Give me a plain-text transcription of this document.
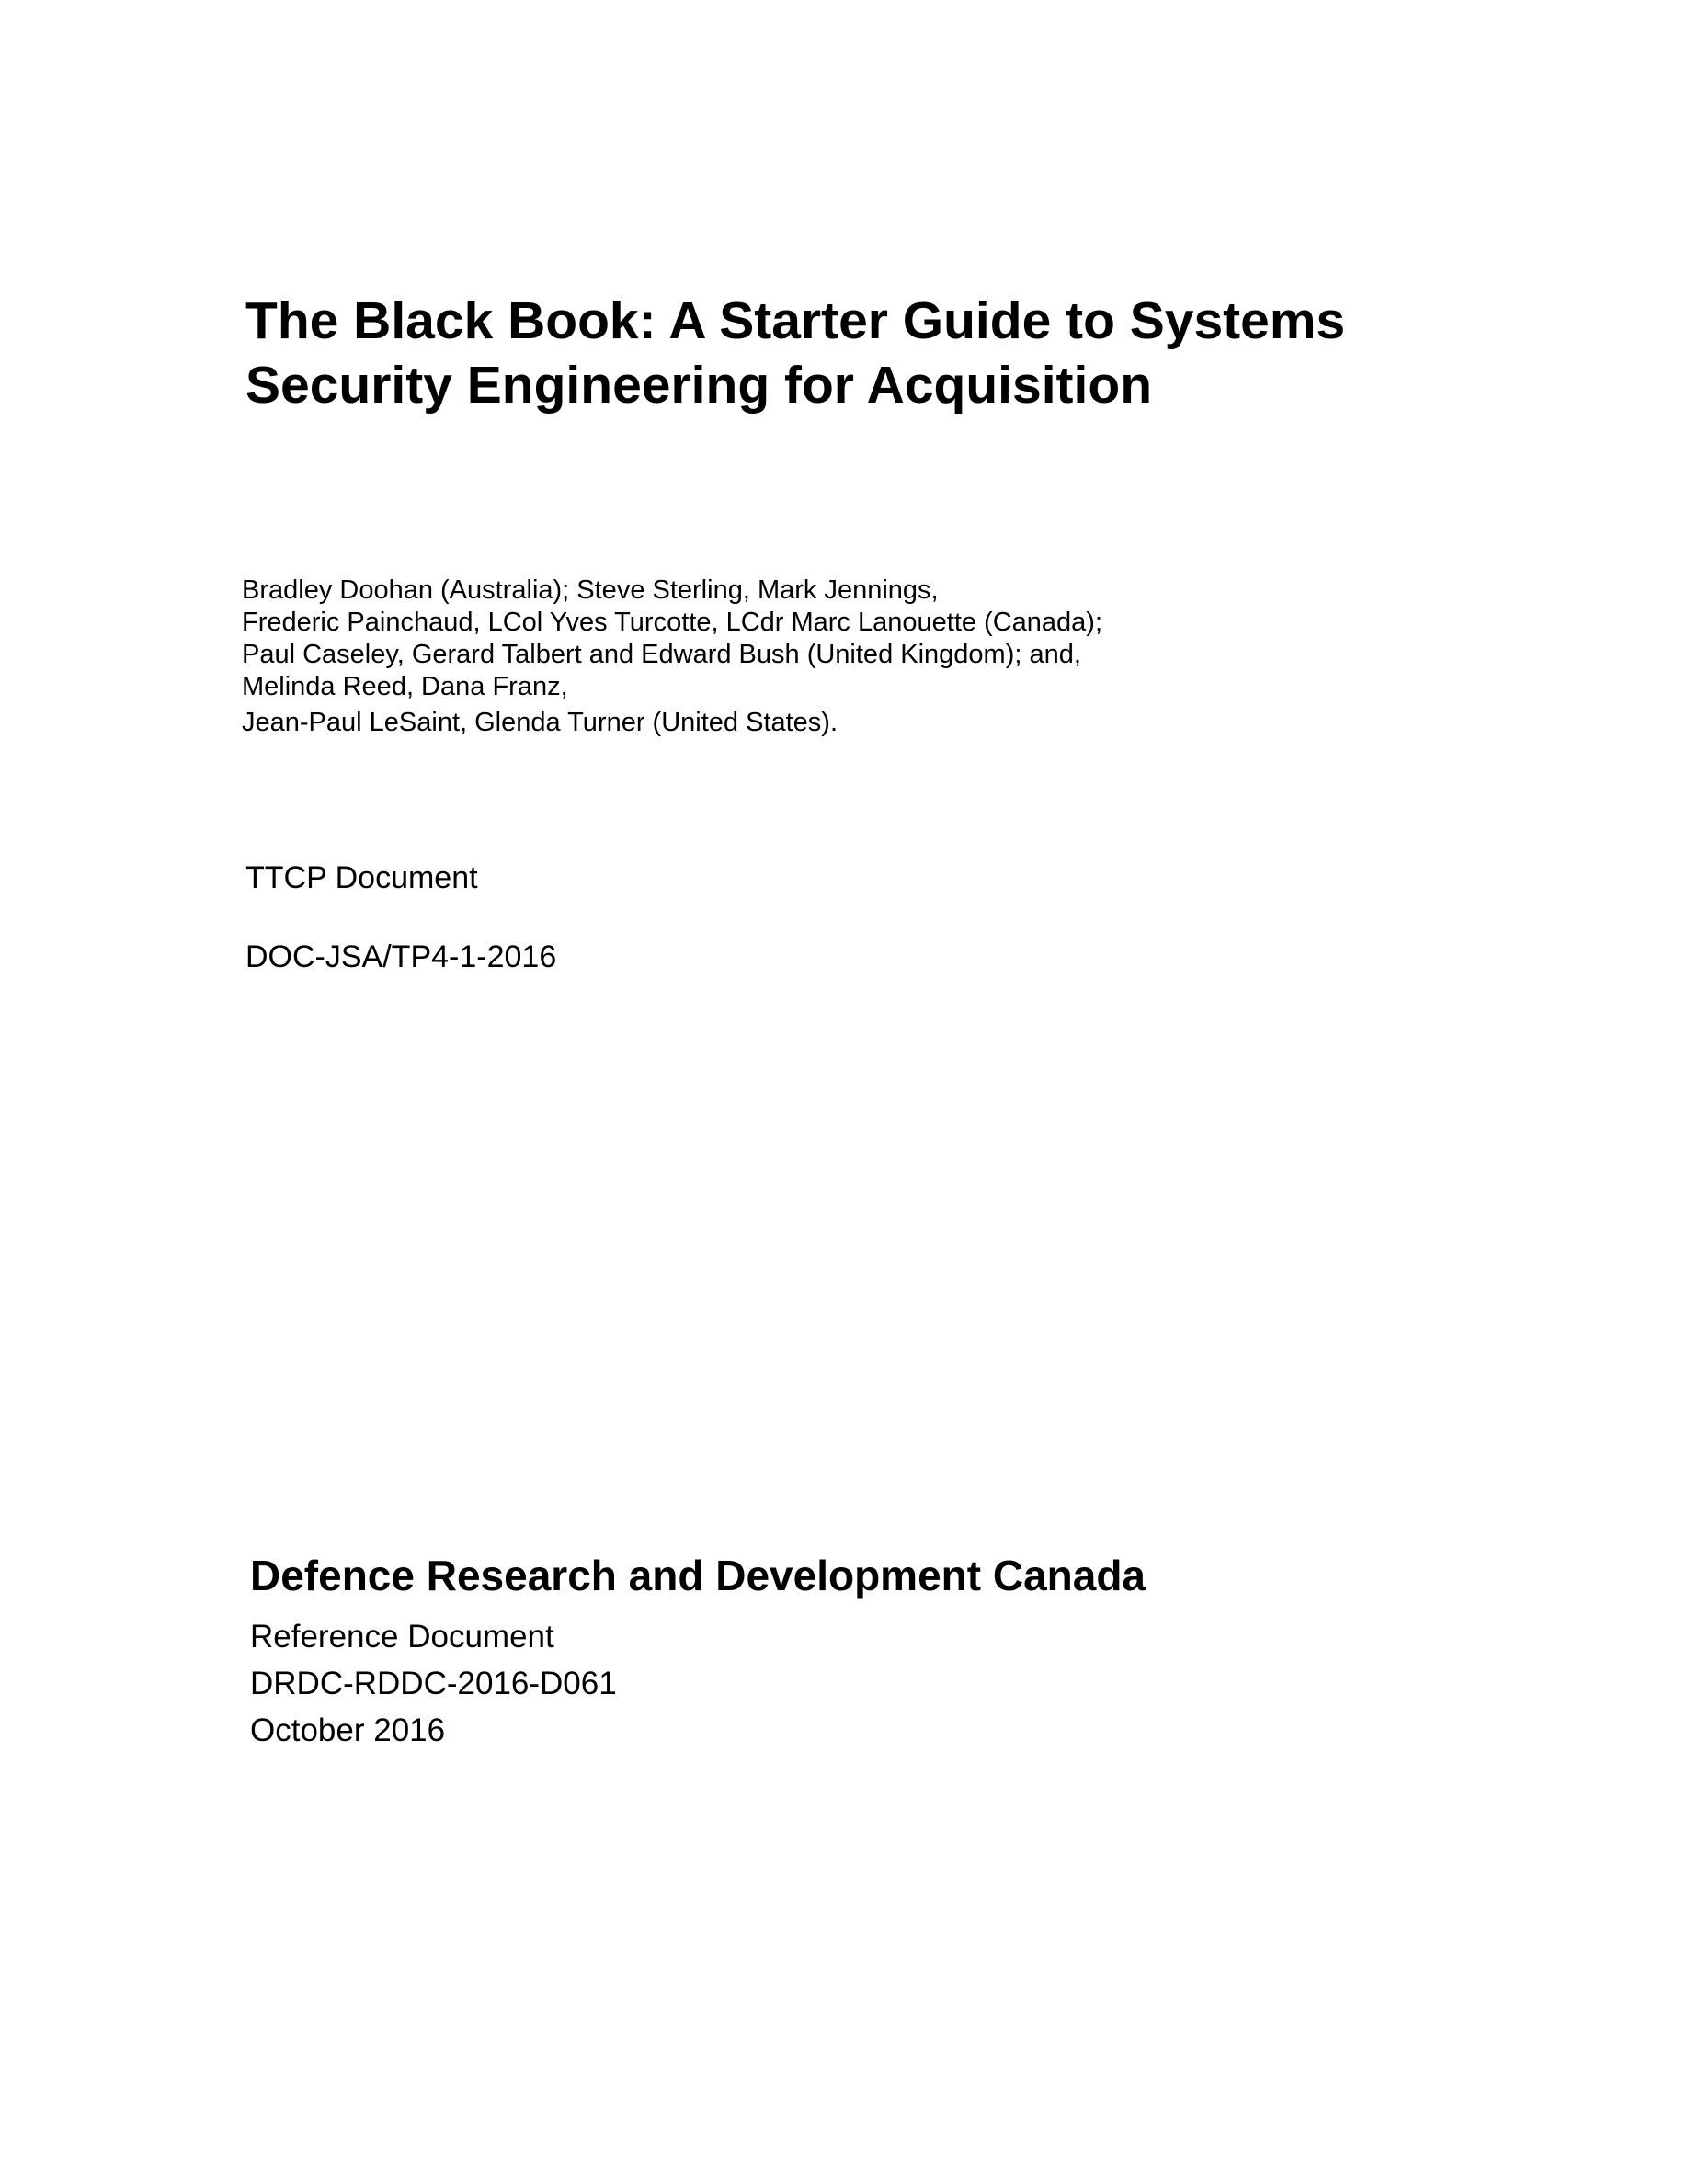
The Black Book: A Starter Guide to Systems
Security Engineering for Acquisition
Bradley Doohan (Australia); Steve Sterling, Mark Jennings,
Frederic Painchaud, LCol Yves Turcotte, LCdr Marc Lanouette (Canada);
Paul Caseley, Gerard Talbert and Edward Bush (United Kingdom); and,
Melinda Reed, Dana Franz,
Jean-Paul LeSaint, Glenda Turner (United States).
TTCP Document
DOC-JSA/TP4-1-2016
Defence Research and Development Canada
Reference Document
DRDC-RDDC-2016-D061
October 2016
